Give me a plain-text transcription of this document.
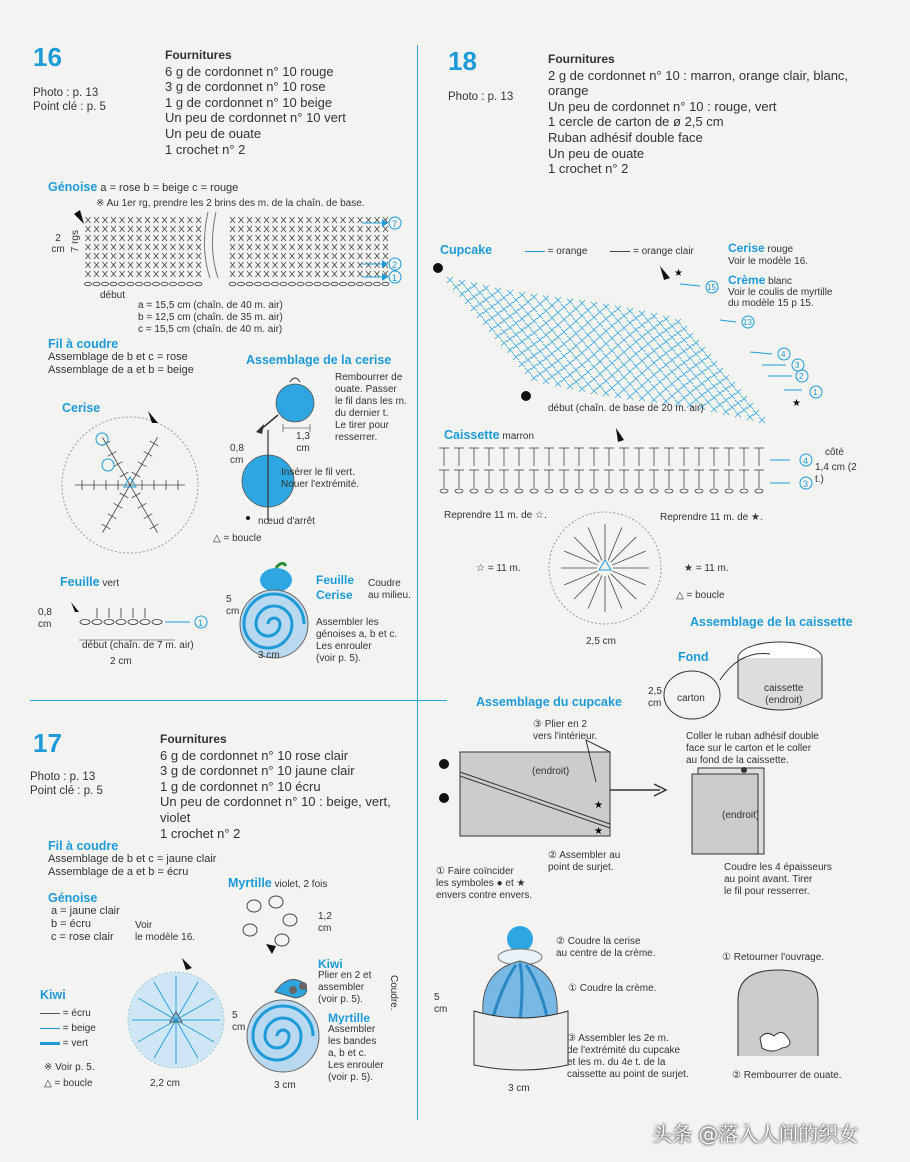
16
Photo : p. 13
Point clé : p. 5
Fournitures
6 g de cordonnet n° 10 rouge
3 g de cordonnet n° 10 rose
1 g de cordonnet n° 10 beige
Un peu de cordonnet n° 10 vert
Un peu de ouate
1 crochet n° 2
Génoise a = rose b = beige c = rouge
※ Au 1er rg, prendre les 2 brins des m. de la chaîn. de base.
2 cm 7 rgs
7
2
1
début
a = 15,5 cm (chaîn. de 40 m. air)
b = 12,5 cm (chaîn. de 35 m. air)
c = 15,5 cm (chaîn. de 40 m. air)
Fil à coudre
Assemblage de b et c = rose
Assemblage de a et b = beige
Assemblage de la cerise
Rembourrer de
ouate. Passer
le fil dans les m.
du dernier t.
Le tirer pour
resserrer.
1,3 cm
0,8 cm
Insérer le fil vert.
Nouer l'extrémité.
nœud d'arrêt
Cerise
△ = boucle
Feuille vert
1
0,8 cm
début (chaîn. de 7 m. air)
2 cm
Feuille
Cerise
Coudre
au milieu.
5 cm
3 cm
Assembler les
génoises a, b et c.
Les enrouler
(voir p. 5).
17
Photo : p. 13
Point clé : p. 5
Fournitures
6 g de cordonnet n° 10 rose clair
3 g de cordonnet n° 10 jaune clair
1 g de cordonnet n° 10 écru
Un peu de cordonnet n° 10 : beige, vert,
violet
1 crochet n° 2
Fil à coudre
Assemblage de b et c = jaune clair
Assemblage de a et b = écru
Génoise
a = jaune clair
b = écru
c = rose clair
Voir
le modèle 16.
Myrtille violet, 2 fois
1,2 cm
Kiwi
= écru
= beige
= vert
※ Voir p. 5.
△ = boucle	2,2 cm
Kiwi
Plier en 2 et
assembler
(voir p. 5).
Myrtille
Assembler
les bandes
a, b et c.
Les enrouler
(voir p. 5).
Coudre.
5 cm
3 cm
18
Photo : p. 13
Fournitures
2 g de cordonnet n° 10 : marron, orange clair, blanc,
orange
Un peu de cordonnet n° 10 : rouge, vert
1 cercle de carton de ø 2,5 cm
Ruban adhésif double face
Un peu de ouate
1 crochet n° 2
Cupcake	= orange	= orange clair	Cerise rouge
Voir le modèle 16.
Crème blanc
Voir le coulis de myrtille
du modèle 15 p 15.
★
★
15
13
4
3
2
1
début (chaîn. de base de 20 m. air)
Caissette marron
4
3
côté
1,4 cm (2 t.)
Reprendre 11 m. de ☆.	Reprendre 11 m. de ★.
☆ = 11 m.	★ = 11 m.
△ = boucle
2,5 cm
Assemblage de la caissette
Fond
2,5 cm carton
caissette
(endroit)
Coller le ruban adhésif double
face sur le carton et le coller
au fond de la caissette.
Assemblage du cupcake
★
★
③ Plier en 2
vers l'intérieur.
(endroit)
① Faire coïncider
les symboles ● et ★
envers contre envers.
② Assembler au
point de surjet.
(endroit)
Coudre les 4 épaisseurs
au point avant. Tirer
le fil pour resserrer.
① Retourner l'ouvrage.
② Rembourrer de ouate.
② Coudre la cerise
au centre de la crème.
① Coudre la crème.
③ Assembler les 2e m.
de l'extrémité du cupcake
et les m. du 4e t. de la
caissette au point de surjet.
5 cm
3 cm
头条 @落入人间的织女
